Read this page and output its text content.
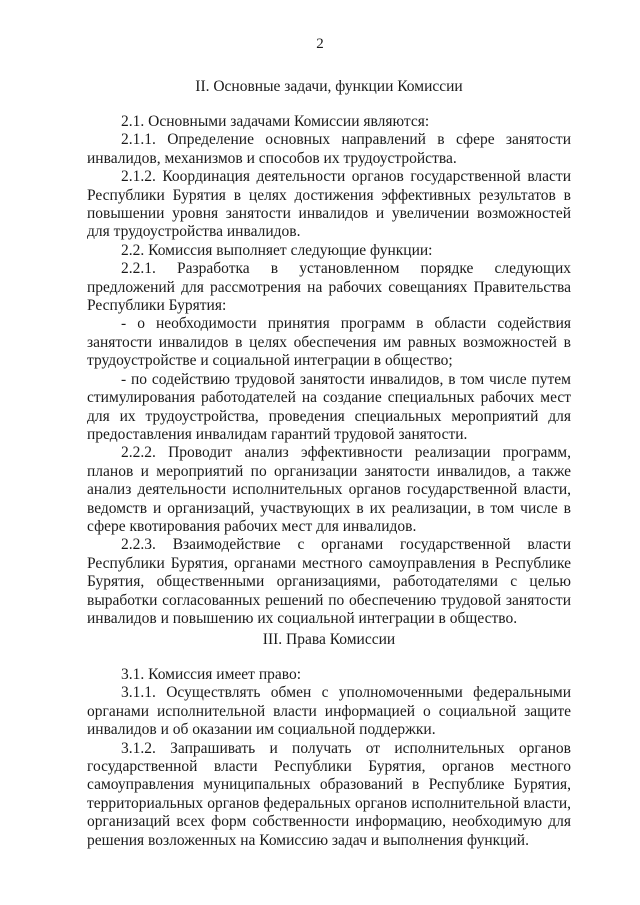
2
II. Основные задачи, функции Комиссии

2.1. Основными задачами Комиссии являются:

2.1.1. Определение основных направлений в сфере занятости инвалидов, механизмов и способов их трудоустройства.

2.1.2. Координация деятельности органов государственной власти Республики Бурятия в целях достижения эффективных результатов в повышении уровня занятости инвалидов и увеличении возможностей для трудоустройства инвалидов.

2.2. Комиссия выполняет следующие функции:

2.2.1. Разработка в установленном порядке следующих предложений для рассмотрения на рабочих совещаниях Правительства Республики Бурятия:

- о необходимости принятия программ в области содействия занятости инвалидов в целях обеспечения им равных возможностей в трудоустройстве и социальной интеграции в общество;

- по содействию трудовой занятости инвалидов, в том числе путем стимулирования работодателей на создание специальных рабочих мест для их трудоустройства, проведения специальных мероприятий для предоставления инвалидам гарантий трудовой занятости.

2.2.2. Проводит анализ эффективности реализации программ, планов и мероприятий по организации занятости инвалидов, а также анализ деятельности исполнительных органов государственной власти, ведомств и организаций, участвующих в их реализации, в том числе в сфере квотирования рабочих мест для инвалидов.

2.2.3. Взаимодействие с органами государственной власти Республики Бурятия, органами местного самоуправления в Республике Бурятия, общественными организациями, работодателями с целью выработки согласованных решений по обеспечению трудовой занятости инвалидов и повышению их социальной интеграции в общество.

III. Права Комиссии

3.1. Комиссия имеет право:

3.1.1. Осуществлять обмен с уполномоченными федеральными органами исполнительной власти информацией о социальной защите инвалидов и об оказании им социальной поддержки.

3.1.2. Запрашивать и получать от исполнительных органов государственной власти Республики Бурятия, органов местного самоуправления муниципальных образований в Республике Бурятия, территориальных органов федеральных органов исполнительной власти, организаций всех форм собственности информацию, необходимую для решения возложенных на Комиссию задач и выполнения функций.
